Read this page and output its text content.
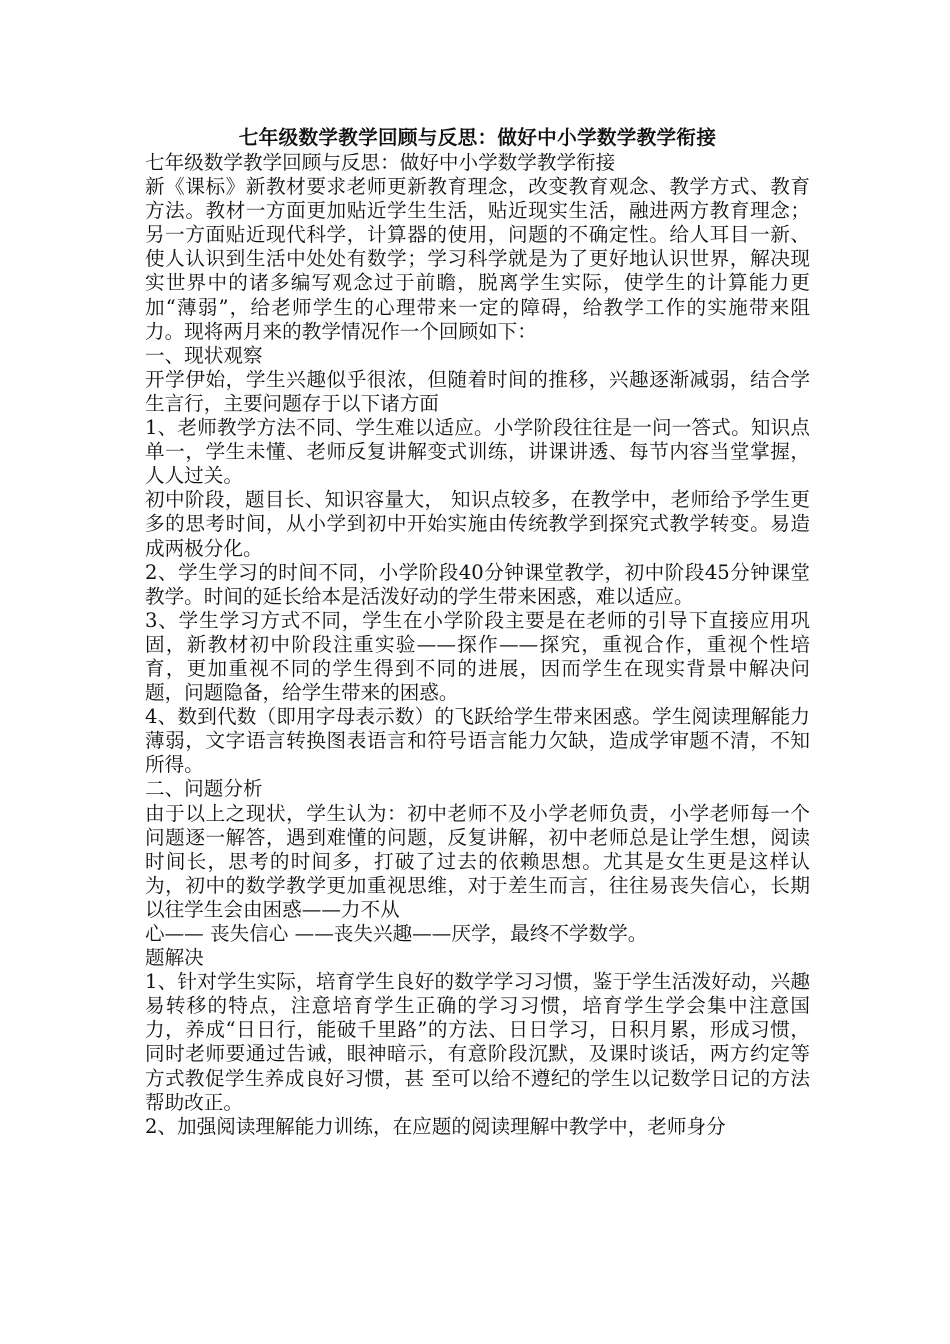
七年级数学教学回顾与反思：做好中小学数学教学衔接

七年级数学教学回顾与反思：做好中小学数学教学衔接

新《课标》新教材要求老师更新教育理念，改变教育观念、教学方式、教育方法。教材一方面更加贴近学生生活，贴近现实生活，融进两方教育理念；另一方面贴近现代科学，计算器的使用，问题的不确定性。给人耳目一新、使人认识到生活中处处有数学；学习科学就是为了更好地认识世界，解决现实世界中的诸多编写观念过于前瞻，脱离学生实际，使学生的计算能力更加“薄弱”，给老师学生的心理带来一定的障碍，给教学工作的实施带来阻力。现将两月来的教学情况作一个回顾如下：

一、现状观察

开学伊始，学生兴趣似乎很浓，但随着时间的推移，兴趣逐渐减弱，结合学生言行，主要问题存于以下诸方面

1、老师教学方法不同、学生难以适应。小学阶段往往是一问一答式。知识点单一，学生未懂、老师反复讲解变式训练，讲课讲透、每节内容当堂掌握，人人过关。

初中阶段，题目长、知识容量大， 知识点较多，在教学中，老师给予学生更多的思考时间，从小学到初中开始实施由传统教学到探究式教学转变。易造成两极分化。

2、学生学习的时间不同，小学阶段40分钟课堂教学，初中阶段45分钟课堂教学。时间的延长给本是活泼好动的学生带来困惑，难以适应。

3、学生学习方式不同，学生在小学阶段主要是在老师的引导下直接应用巩固，新教材初中阶段注重实验——探作——探究，重视合作，重视个性培育，更加重视不同的学生得到不同的进展，因而学生在现实背景中解决问题，问题隐备，给学生带来的困惑。

4、数到代数（即用字母表示数）的飞跃给学生带来困惑。学生阅读理解能力薄弱，文字语言转换图表语言和符号语言能力欠缺，造成学审题不清，不知所得。

二、问题分析

由于以上之现状，学生认为：初中老师不及小学老师负责，小学老师每一个问题逐一解答，遇到难懂的问题，反复讲解，初中老师总是让学生想，阅读时间长，思考的时间多，打破了过去的依赖思想。尤其是女生更是这样认为，初中的数学教学更加重视思维，对于差生而言，往往易丧失信心，长期以往学生会由困惑——力不从

心—— 丧失信心 ——丧失兴趣——厌学，最终不学数学。

题解决

1、针对学生实际，培育学生良好的数学学习习惯，鉴于学生活泼好动，兴趣易转移的特点，注意培育学生正确的学习习惯，培育学生学会集中注意国力，养成“日日行，能破千里路”的方法、日日学习，日积月累，形成习惯，同时老师要通过告诫，眼神暗示，有意阶段沉默，及课时谈话，两方约定等方式教促学生养成良好习惯，甚 至可以给不遵纪的学生以记数学日记的方法帮助改正。

2、加强阅读理解能力训练，在应题的阅读理解中教学中，老师身分
